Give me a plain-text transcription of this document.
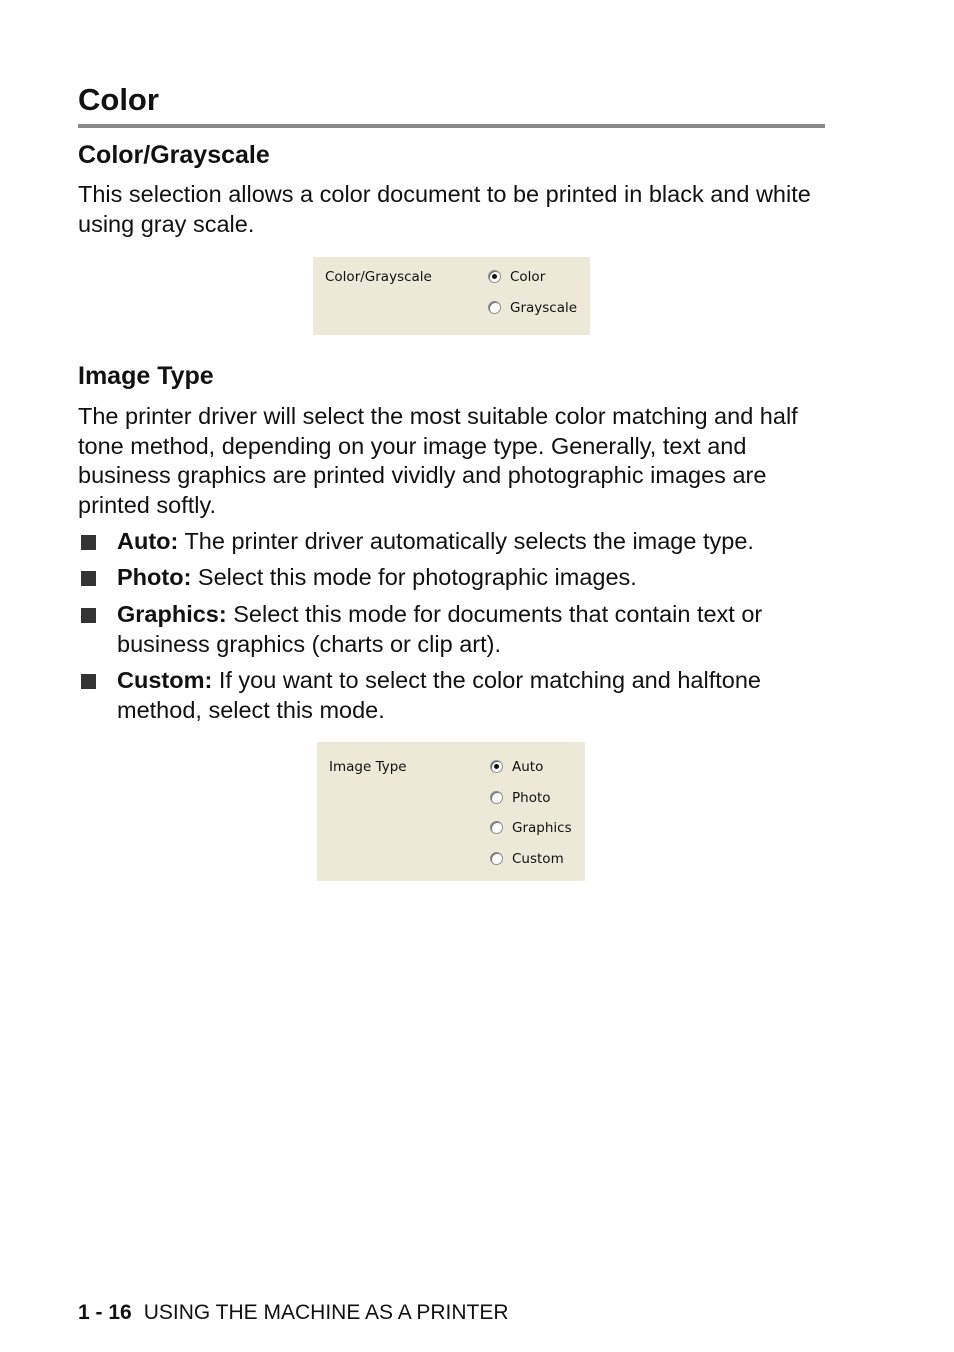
Color
Color/Grayscale

This selection allows a color document to be printed in black and white using gray scale.

Color/Grayscale	Color
Grayscale
Image Type

The printer driver will select the most suitable color matching and half tone method, depending on your image type. Generally, text and business graphics are printed vividly and photographic images are printed softly.

Auto: The printer driver automatically selects the image type.
Photo: Select this mode for photographic images.
Graphics: Select this mode for documents that contain text or business graphics (charts or clip art).
Custom: If you want to select the color matching and halftone method, select this mode.
Image Type	Auto
Photo
Graphics
Custom
1 - 16 USING THE MACHINE AS A PRINTER
